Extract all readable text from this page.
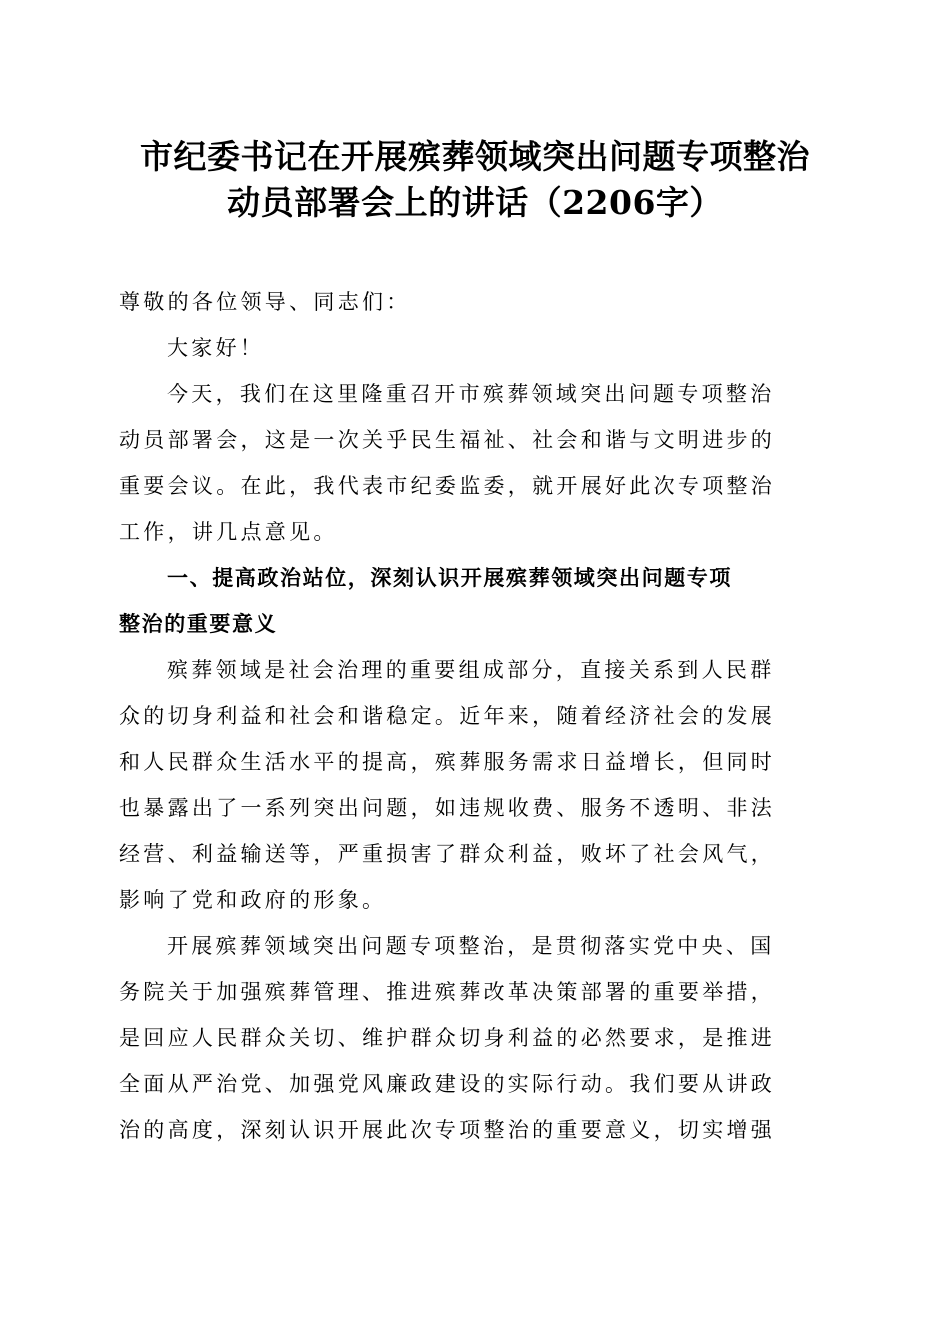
市纪委书记在开展殡葬领域突出问题专项整治
动员部署会上的讲话（2206字）
尊敬的各位领导、同志们：
大家好！
今天，我们在这里隆重召开市殡葬领域突出问题专项整治
动员部署会，这是一次关乎民生福祉、社会和谐与文明进步的
重要会议。在此，我代表市纪委监委，就开展好此次专项整治
工作，讲几点意见。
一、提高政治站位，深刻认识开展殡葬领域突出问题专项
整治的重要意义
殡葬领域是社会治理的重要组成部分，直接关系到人民群
众的切身利益和社会和谐稳定。近年来，随着经济社会的发展
和人民群众生活水平的提高，殡葬服务需求日益增长，但同时
也暴露出了一系列突出问题，如违规收费、服务不透明、非法
经营、利益输送等，严重损害了群众利益，败坏了社会风气，
影响了党和政府的形象。
开展殡葬领域突出问题专项整治，是贯彻落实党中央、国
务院关于加强殡葬管理、推进殡葬改革决策部署的重要举措，
是回应人民群众关切、维护群众切身利益的必然要求，是推进
全面从严治党、加强党风廉政建设的实际行动。我们要从讲政
治的高度，深刻认识开展此次专项整治的重要意义，切实增强
